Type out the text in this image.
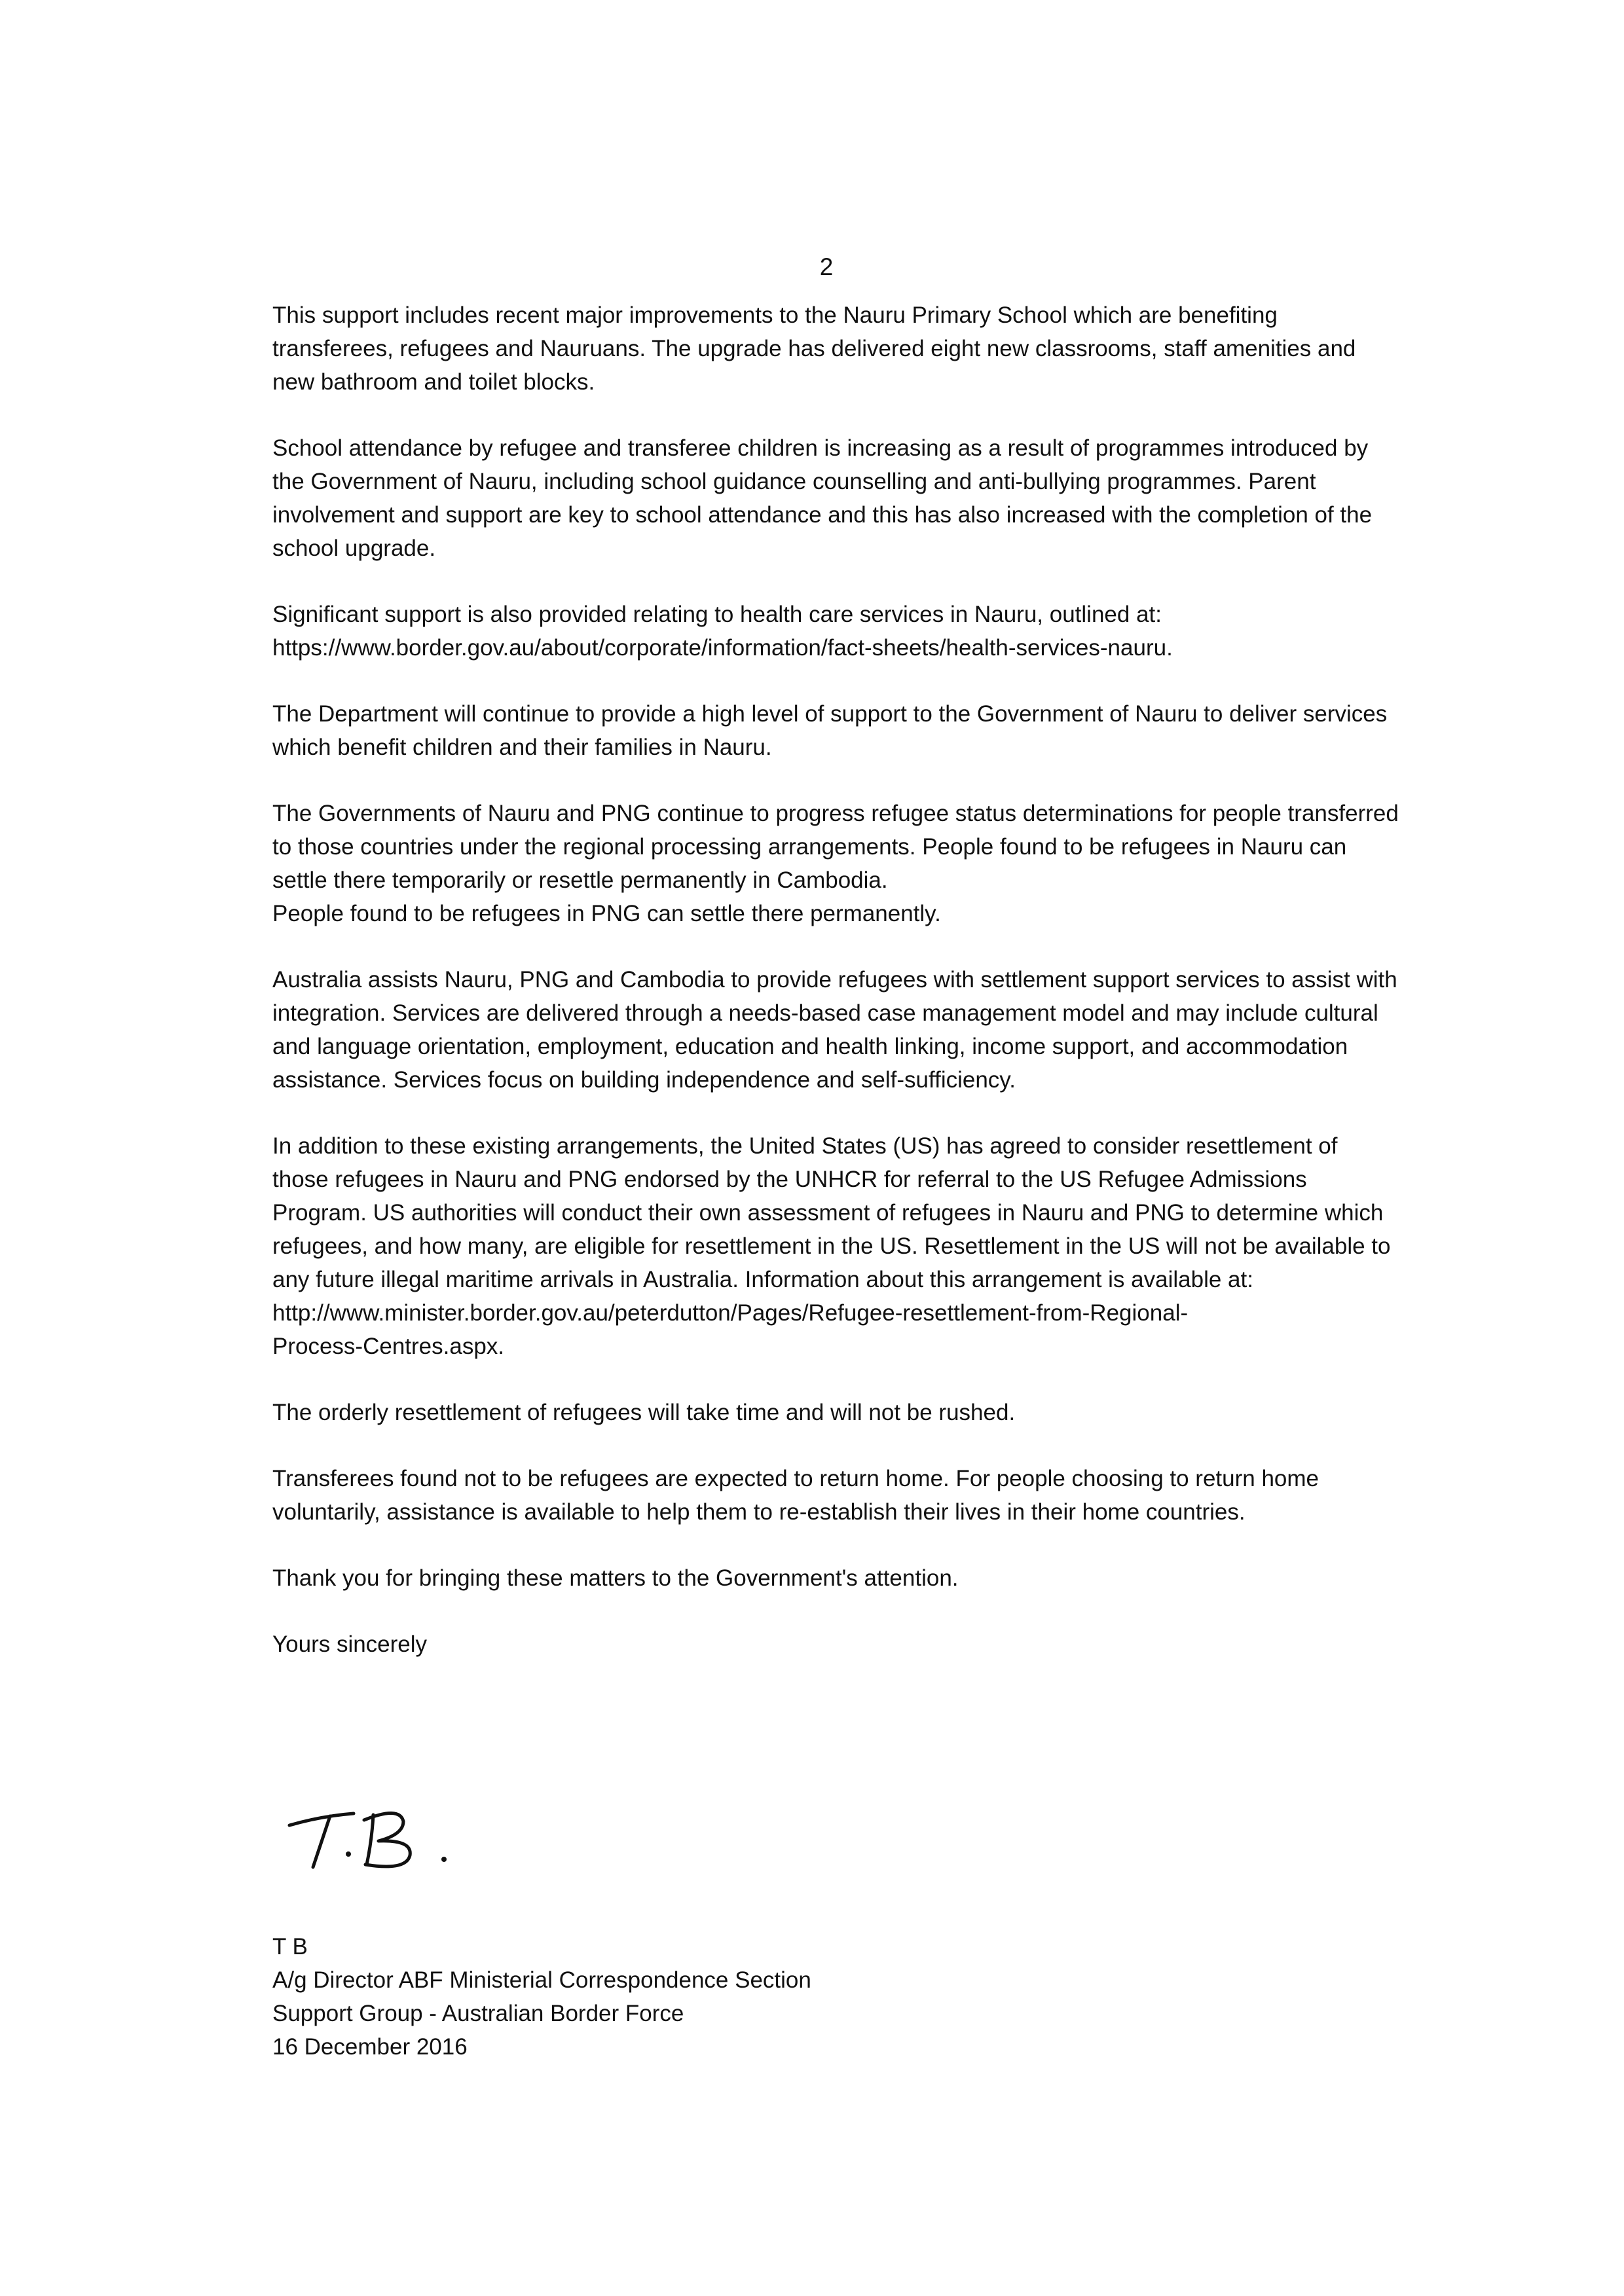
2

This support includes recent major improvements to the Nauru Primary School which are benefiting transferees, refugees and Nauruans. The upgrade has delivered eight new classrooms, staff amenities and new bathroom and toilet blocks.

School attendance by refugee and transferee children is increasing as a result of programmes introduced by the Government of Nauru, including school guidance counselling and anti-bullying programmes. Parent involvement and support are key to school attendance and this has also increased with the completion of the school upgrade.

Significant support is also provided relating to health care services in Nauru, outlined at:
https://www.border.gov.au/about/corporate/information/fact-sheets/health-services-nauru.

The Department will continue to provide a high level of support to the Government of Nauru to deliver services which benefit children and their families in Nauru.

The Governments of Nauru and PNG continue to progress refugee status determinations for people transferred to those countries under the regional processing arrangements. People found to be refugees in Nauru can settle there temporarily or resettle permanently in Cambodia.
People found to be refugees in PNG can settle there permanently.

Australia assists Nauru, PNG and Cambodia to provide refugees with settlement support services to assist with integration. Services are delivered through a needs-based case management model and may include cultural and language orientation, employment, education and health linking, income support, and accommodation assistance. Services focus on building independence and self-sufficiency.

In addition to these existing arrangements, the United States (US) has agreed to consider resettlement of those refugees in Nauru and PNG endorsed by the UNHCR for referral to the US Refugee Admissions Program. US authorities will conduct their own assessment of refugees in Nauru and PNG to determine which refugees, and how many, are eligible for resettlement in the US. Resettlement in the US will not be available to any future illegal maritime arrivals in Australia. Information about this arrangement is available at:
http://www.minister.border.gov.au/peterdutton/Pages/Refugee-resettlement-from-Regional-
Process-Centres.aspx.

The orderly resettlement of refugees will take time and will not be rushed.

Transferees found not to be refugees are expected to return home. For people choosing to return home voluntarily, assistance is available to help them to re-establish their lives in their home countries.

Thank you for bringing these matters to the Government's attention.

Yours sincerely

T B
A/g Director ABF Ministerial Correspondence Section
Support Group - Australian Border Force
16 December 2016
